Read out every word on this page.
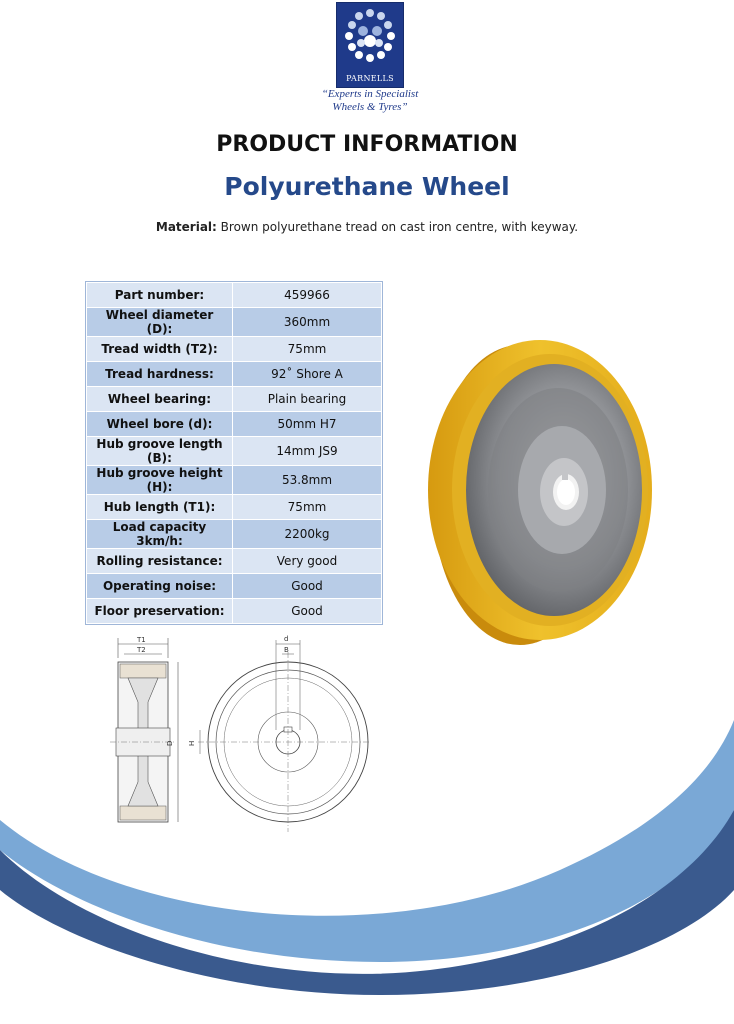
PARNELLS
“Experts in Specialist
Wheels & Tyres”
PRODUCT INFORMATION
Polyurethane Wheel
Material: Brown polyurethane tread on cast iron centre, with keyway.
Part number:	459966
Wheel diameter (D):	360mm
Tread width (T2):	75mm
Tread hardness:	92˚ Shore A
Wheel bearing:	Plain bearing
Wheel bore (d):	50mm H7
Hub groove length (B):	14mm JS9
Hub groove height (H):	53.8mm
Hub length (T1):	75mm
Load capacity 3km/h:	2200kg
Rolling resistance:	Very good
Operating noise:	Good
Floor preservation:	Good
T1
T2
D
d
B
H
